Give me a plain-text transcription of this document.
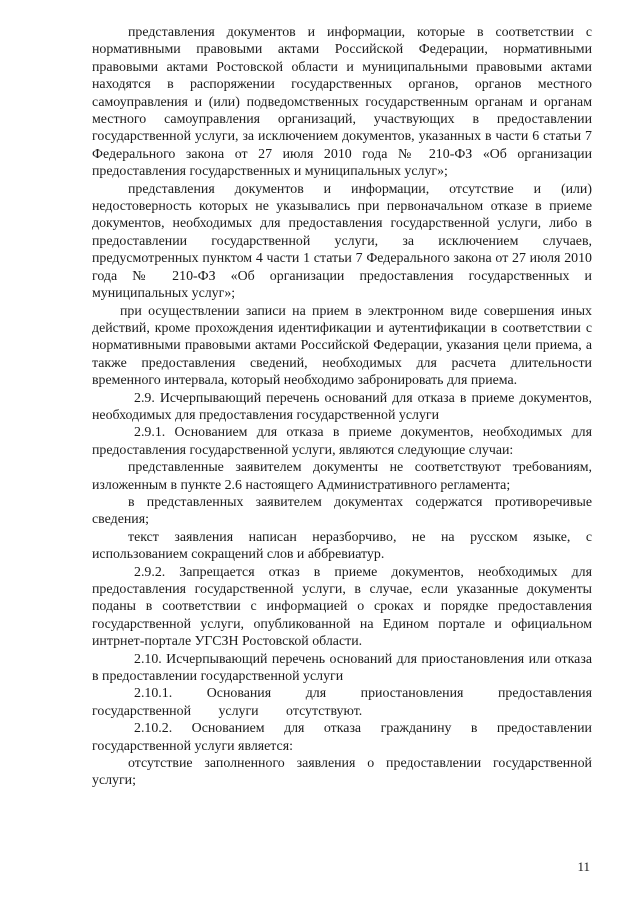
представления документов и информации, которые в соответствии с нормативными правовыми актами Российской Федерации, нормативными правовыми актами Ростовской области и муниципальными правовыми актами находятся в распоряжении государственных органов, органов местного самоуправления и (или) подведомственных государственным органам и органам местного самоуправления организаций, участвующих в предоставлении государственной услуги, за исключением документов, указанных в части 6 статьи 7 Федерального закона от 27 июля 2010 года № 210-ФЗ «Об организации предоставления государственных и муниципальных услуг»;

представления документов и информации, отсутствие и (или) недостоверность которых не указывались при первоначальном отказе в приеме документов, необходимых для предоставления государственной услуги, либо в предоставлении государственной услуги, за исключением случаев, предусмотренных пунктом 4 части 1 статьи 7 Федерального закона от 27 июля 2010 года № 210-ФЗ «Об организации предоставления государственных и муниципальных услуг»;

при осуществлении записи на прием в электронном виде совершения иных действий, кроме прохождения идентификации и аутентификации в соответствии с нормативными правовыми актами Российской Федерации, указания цели приема, а также предоставления сведений, необходимых для расчета длительности временного интервала, который необходимо забронировать для приема.

2.9. Исчерпывающий перечень оснований для отказа в приеме документов, необходимых для предоставления государственной услуги

2.9.1. Основанием для отказа в приеме документов, необходимых для предоставления государственной услуги, являются следующие случаи:

представленные заявителем документы не соответствуют требованиям, изложенным в пункте 2.6 настоящего Административного регламента;

в представленных заявителем документах содержатся противоречивые сведения;

текст заявления написан неразборчиво, не на русском языке, с использованием сокращений слов и аббревиатур.

2.9.2. Запрещается отказ в приеме документов, необходимых для предоставления государственной услуги, в случае, если указанные документы поданы в соответствии с информацией о сроках и порядке предоставления государственной услуги, опубликованной на Едином портале и официальном интрнет-портале УГСЗН Ростовской области.

2.10. Исчерпывающий перечень оснований для приостановления или отказа в предоставлении государственной услуги

2.10.1. Основания для приостановления предоставления государственной услуги отсутствуют.

2.10.2. Основанием для отказа гражданину в предоставлении государственной услуги является:

отсутствие заполненного заявления о предоставлении государственной услуги;

11
